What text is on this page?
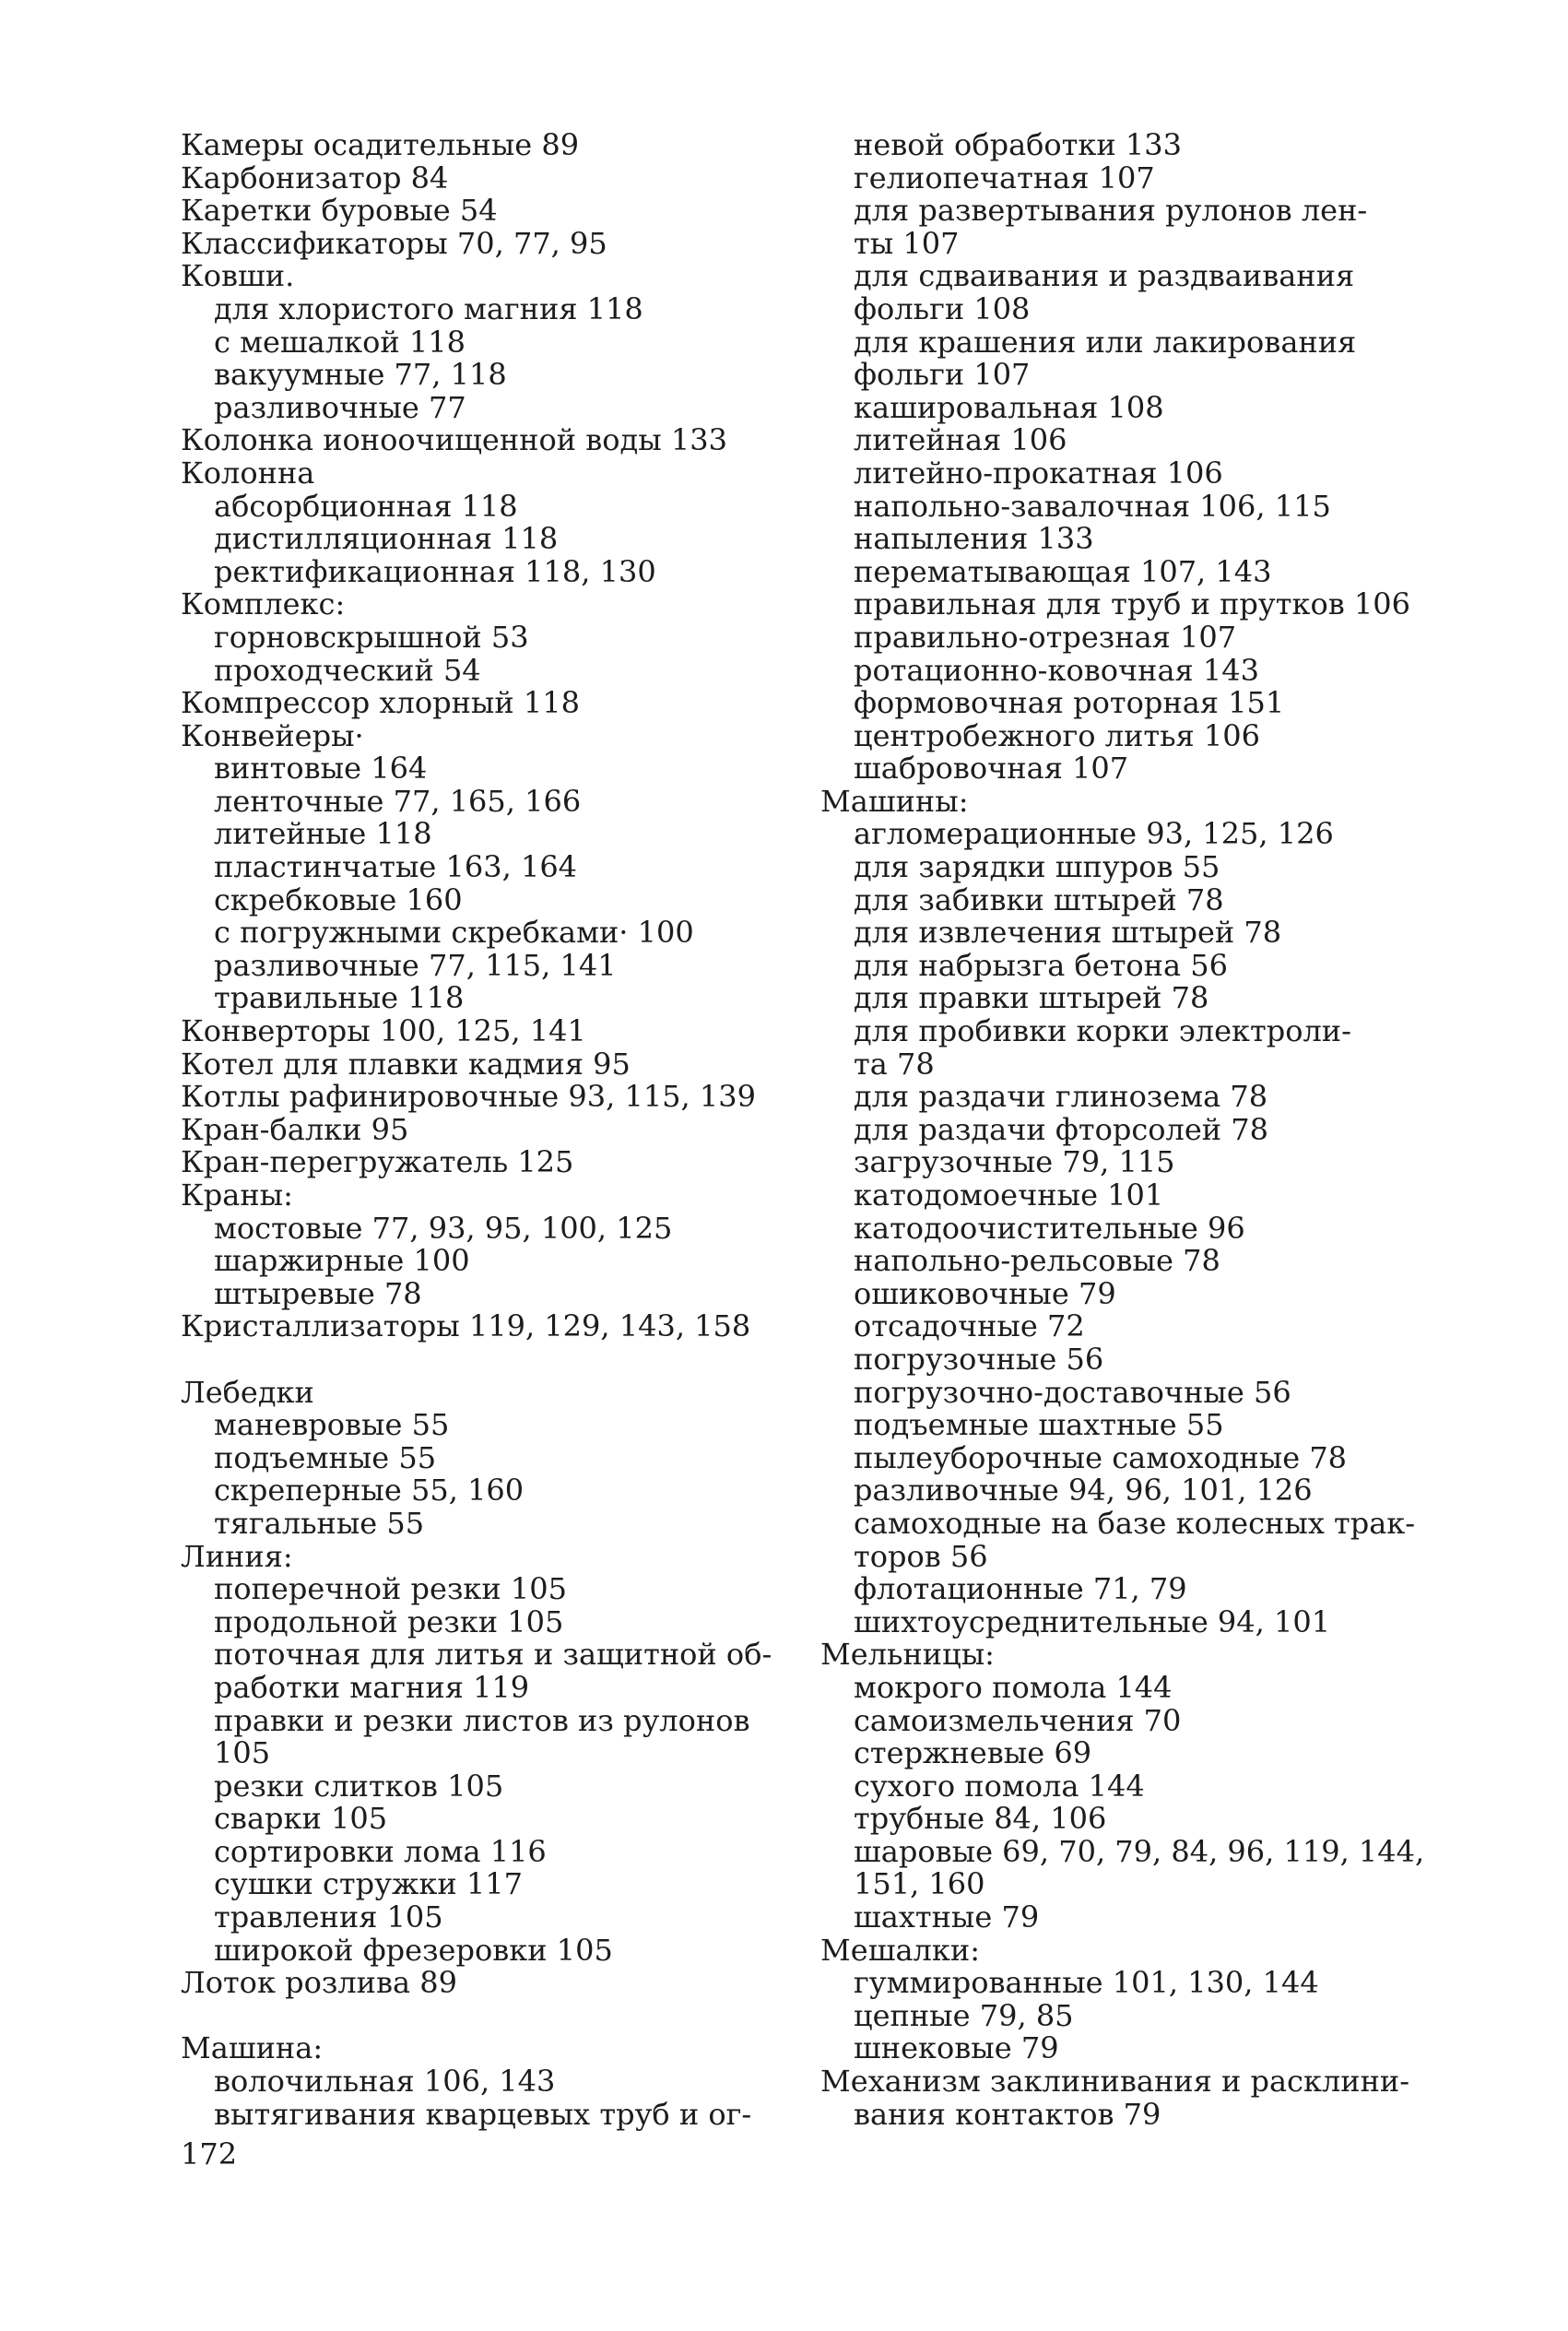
Камеры осадительные 89
Карбонизатор 84
Каретки буровые 54
Классификаторы 70, 77, 95
Ковши.
для хлористого магния 118
с мешалкой 118
вакуумные 77, 118
разливочные 77
Колонка ионоочищенной воды 133
Колонна
абсорбционная 118
дистилляционная 118
ректификационная 118, 130
Комплекс:
горновскрышной 53
проходческий 54
Компрессор хлорный 118
Конвейеры·
винтовые 164
ленточные 77, 165, 166
литейные 118
пластинчатые 163, 164
скребковые 160
с погружными скребками· 100
разливочные 77, 115, 141
травильные 118
Конверторы 100, 125, 141
Котел для плавки кадмия 95
Котлы рафинировочные 93, 115, 139
Кран-балки 95
Кран-перегружатель 125
Краны:
мостовые 77, 93, 95, 100, 125
шаржирные 100
штыревые 78
Кристаллизаторы 119, 129, 143, 158
Лебедки
маневровые 55
подъемные 55
скреперные 55, 160
тягальные 55
Линия:
поперечной резки 105
продольной резки 105
поточная для литья и защитной об-
работки магния 119
правки и резки листов из рулонов
105
резки слитков 105
сварки 105
сортировки лома 116
сушки стружки 117
травления 105
широкой фрезеровки 105
Лоток розлива 89
Машина:
волочильная 106, 143
вытягивания кварцевых труб и ог-
невой обработки 133
гелиопечатная 107
для развертывания рулонов лен-
ты 107
для сдваивания и раздваивания
фольги 108
для крашения или лакирования
фольги 107
каширoвальная 108
литейная 106
литейно-прокатная 106
напольно-завалочная 106, 115
напыления 133
перематывающая 107, 143
правильная для труб и прутков 106
правильно-отрезная 107
ротационно-ковочная 143
формовочная роторная 151
центробежного литья 106
шабровочная 107
Машины:
агломерационные 93, 125, 126
для зарядки шпуров 55
для забивки штырей 78
для извлечения штырей 78
для набрызга бетона 56
для правки штырей 78
для пробивки корки электроли-
та 78
для раздачи глинозема 78
для раздачи фторсолей 78
загрузочные 79, 115
катодомоечные 101
катодоочистительные 96
напольно-рельсовые 78
ошиковочные 79
отсадочные 72
погрузочные 56
погрузочно-доставочные 56
подъемные шахтные 55
пылеуборочные самоходные 78
разливочные 94, 96, 101, 126
самоходные на базе колесных трак-
торов 56
флотационные 71, 79
шихтоусреднительные 94, 101
Мельницы:
мокрого помола 144
самоизмельчения 70
стержневые 69
сухого помола 144
трубные 84, 106
шаровые 69, 70, 79, 84, 96, 119, 144,
151, 160
шахтные 79
Мешалки:
гуммированные 101, 130, 144
цепные 79, 85
шнековые 79
Механизм заклинивания и расклини-
вания контактов 79
172
